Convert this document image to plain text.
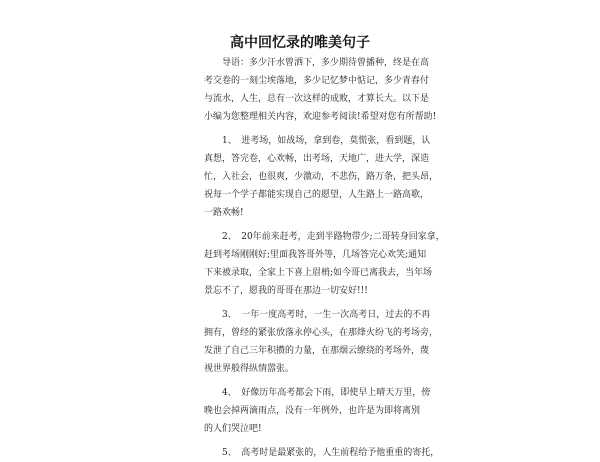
高中回忆录的唯美句子
导语：多少汗水曾洒下，多少期待曾播种，终是在高
考交卷的一刻尘埃落地，多少记忆梦中惦记，多少青春付
与流水，人生，总有一次这样的成败，才算长大。以下是
小编为您整理相关内容，欢迎参考阅读!希望对您有所帮助!
1、　进考场，如战场，拿到卷，莫慌张，看到题，认
真想，答完卷，心欢畅，出考场，天地广，进大学，深造
忙，入社会，也很爽，少激动，不悲伤，路万条，把头昂，
祝每一个学子都能实现自己的愿望，人生路上一路高歌，
一路欢畅!
2、　20年前来赶考，走到半路物带少;二哥转身回家拿，
赶到考场刚刚好;里面我答哥外等，几场答完心欢笑;通知
下来被录取，全家上下喜上眉梢;如今哥已离我去，当年场
景忘不了，愿我的哥哥在那边一切安好!!!
3、　一年一度高考时，一生一次高考日，过去的不再
拥有，曾经的紧张放落永停心头，在那烽火纷飞的考场旁，
发泄了自己三年积攒的力量，在那烟云缭绕的考场外，蔑
视世界般得纵情嚣张。
4、　好像历年高考都会下雨，即使早上晴天万里，傍
晚也会掉两滴雨点，没有一年例外，也许是为即将离别
的人们哭泣吧!
5、　高考时是最紧张的，人生前程给予他重重的寄托，
